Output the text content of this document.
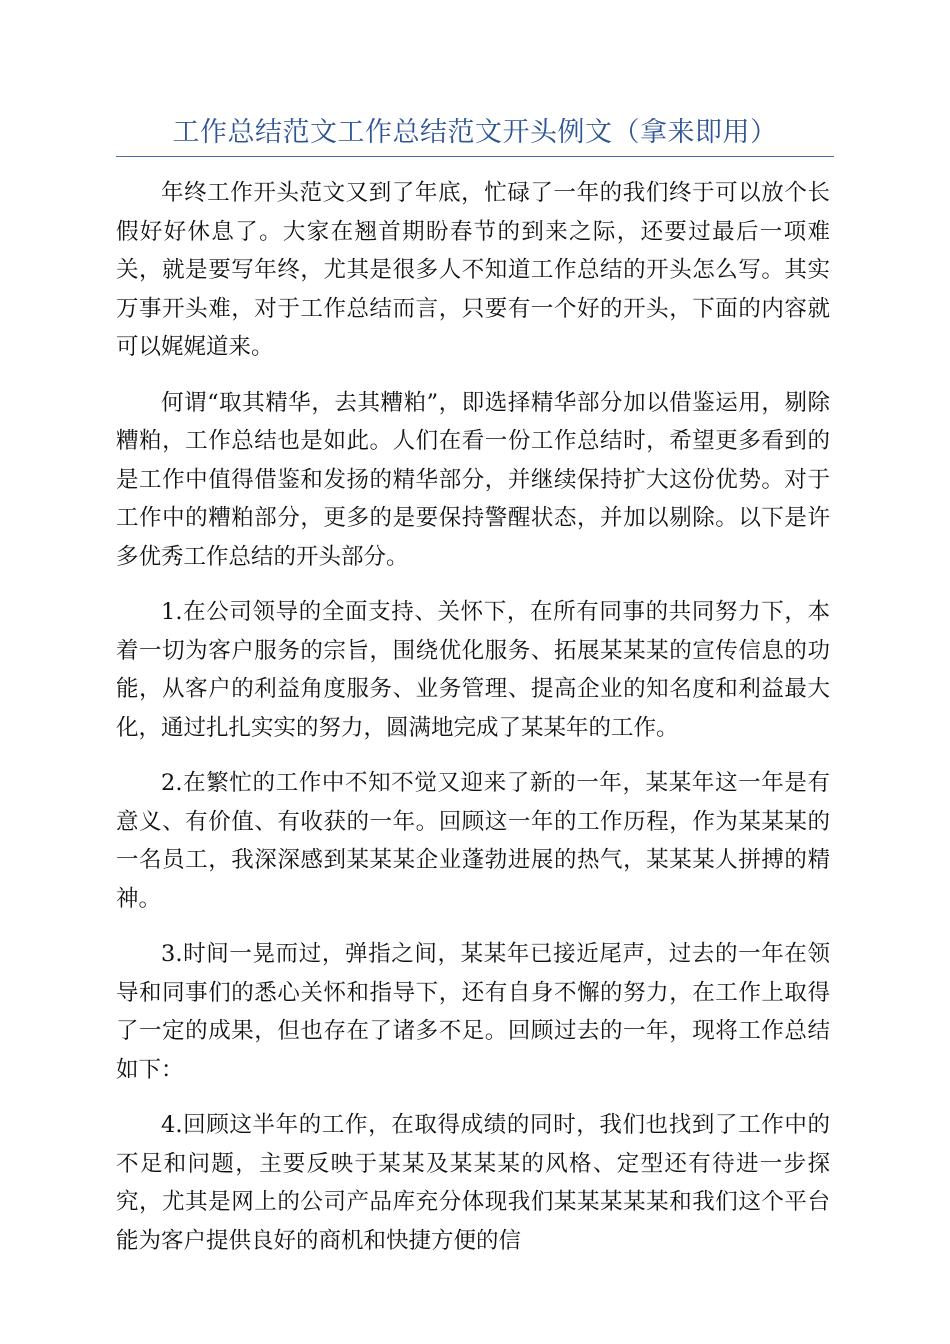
工作总结范文工作总结范文开头例文（拿来即用）

年终工作开头范文又到了年底，忙碌了一年的我们终于可以放个长假好好休息了。大家在翘首期盼春节的到来之际，还要过最后一项难关，就是要写年终，尤其是很多人不知道工作总结的开头怎么写。其实万事开头难，对于工作总结而言，只要有一个好的开头，下面的内容就可以娓娓道来。

何谓“取其精华，去其糟粕”，即选择精华部分加以借鉴运用，剔除糟粕，工作总结也是如此。人们在看一份工作总结时，希望更多看到的是工作中值得借鉴和发扬的精华部分，并继续保持扩大这份优势。对于工作中的糟粕部分，更多的是要保持警醒状态，并加以剔除。以下是许多优秀工作总结的开头部分。

1.在公司领导的全面支持、关怀下，在所有同事的共同努力下，本着一切为客户服务的宗旨，围绕优化服务、拓展某某某的宣传信息的功能，从客户的利益角度服务、业务管理、提高企业的知名度和利益最大化，通过扎扎实实的努力，圆满地完成了某某年的工作。

2.在繁忙的工作中不知不觉又迎来了新的一年，某某年这一年是有意义、有价值、有收获的一年。回顾这一年的工作历程，作为某某某的一名员工，我深深感到某某某企业蓬勃进展的热气，某某某人拼搏的精神。

3.时间一晃而过，弹指之间，某某年已接近尾声，过去的一年在领导和同事们的悉心关怀和指导下，还有自身不懈的努力，在工作上取得了一定的成果，但也存在了诸多不足。回顾过去的一年，现将工作总结如下：

4.回顾这半年的工作，在取得成绩的同时，我们也找到了工作中的不足和问题，主要反映于某某及某某某的风格、定型还有待进一步探究，尤其是网上的公司产品库充分体现我们某某某某某和我们这个平台能为客户提供良好的商机和快捷方便的信
